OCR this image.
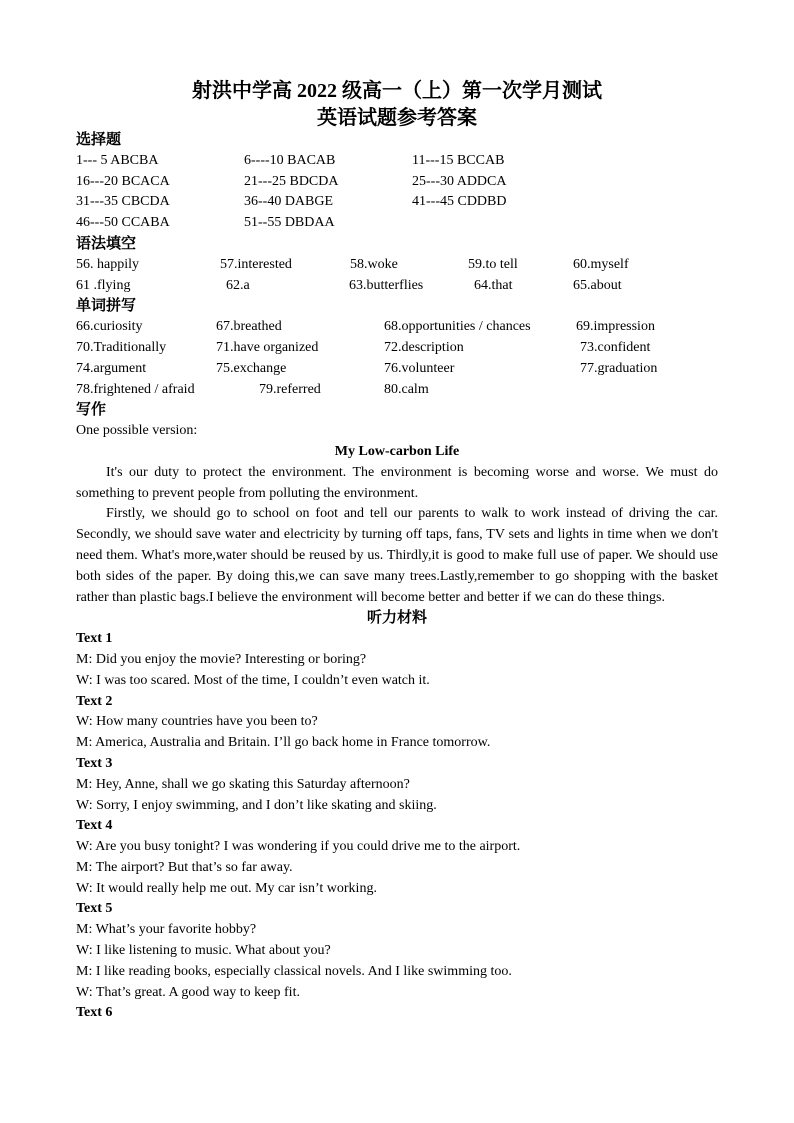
射洪中学高 2022 级高一（上）第一次学月测试
英语试题参考答案
选择题
1--- 5 ABCBA	6----10 BACAB	11---15 BCCAB
16---20 BCACA	21---25 BDCDA	25---30 ADDCA
31---35 CBCDA	36--40 DABGE	41---45 CDDBD
46---50 CCABA	51--55 DBDAA
语法填空
56. happily	57.interested	58.woke	59.to tell	60.myself
61 .flying	62.a	63.butterflies	64.that	65.about
单词拼写
66.curiosity	67.breathed	68.opportunities / chances	69.impression
70.Traditionally	71.have organized	72.description	73.confident
74.argument	75.exchange	76.volunteer	77.graduation
78.frightened / afraid	79.referred	80.calm
写作
One possible version:
My Low-carbon Life
It's our duty to protect the environment. The environment is becoming worse and worse. We must do something to prevent people from polluting the environment.
Firstly, we should go to school on foot and tell our parents to walk to work instead of driving the car. Secondly, we should save water and electricity by turning off taps, fans, TV sets and lights in time when we don't need them. What's more,water should be reused by us. Thirdly,it is good to make full use of paper. We should use both sides of the paper. By doing this,we can save many trees.Lastly,remember to go shopping with the basket rather than plastic bags.I believe the environment will become better and better if we can do these things.
听力材料
Text 1
M: Did you enjoy the movie? Interesting or boring?
W: I was too scared. Most of the time, I couldn’t even watch it.
Text 2
W: How many countries have you been to?
M: America, Australia and Britain. I’ll go back home in France tomorrow.
Text 3
M: Hey, Anne, shall we go skating this Saturday afternoon?
W: Sorry, I enjoy swimming, and I don’t like skating and skiing.
Text 4
W: Are you busy tonight? I was wondering if you could drive me to the airport.
M: The airport? But that’s so far away.
W: It would really help me out. My car isn’t working.
Text 5
M: What’s your favorite hobby?
W: I like listening to music. What about you?
M: I like reading books, especially classical novels. And I like swimming too.
W: That’s great. A good way to keep fit.
Text 6
